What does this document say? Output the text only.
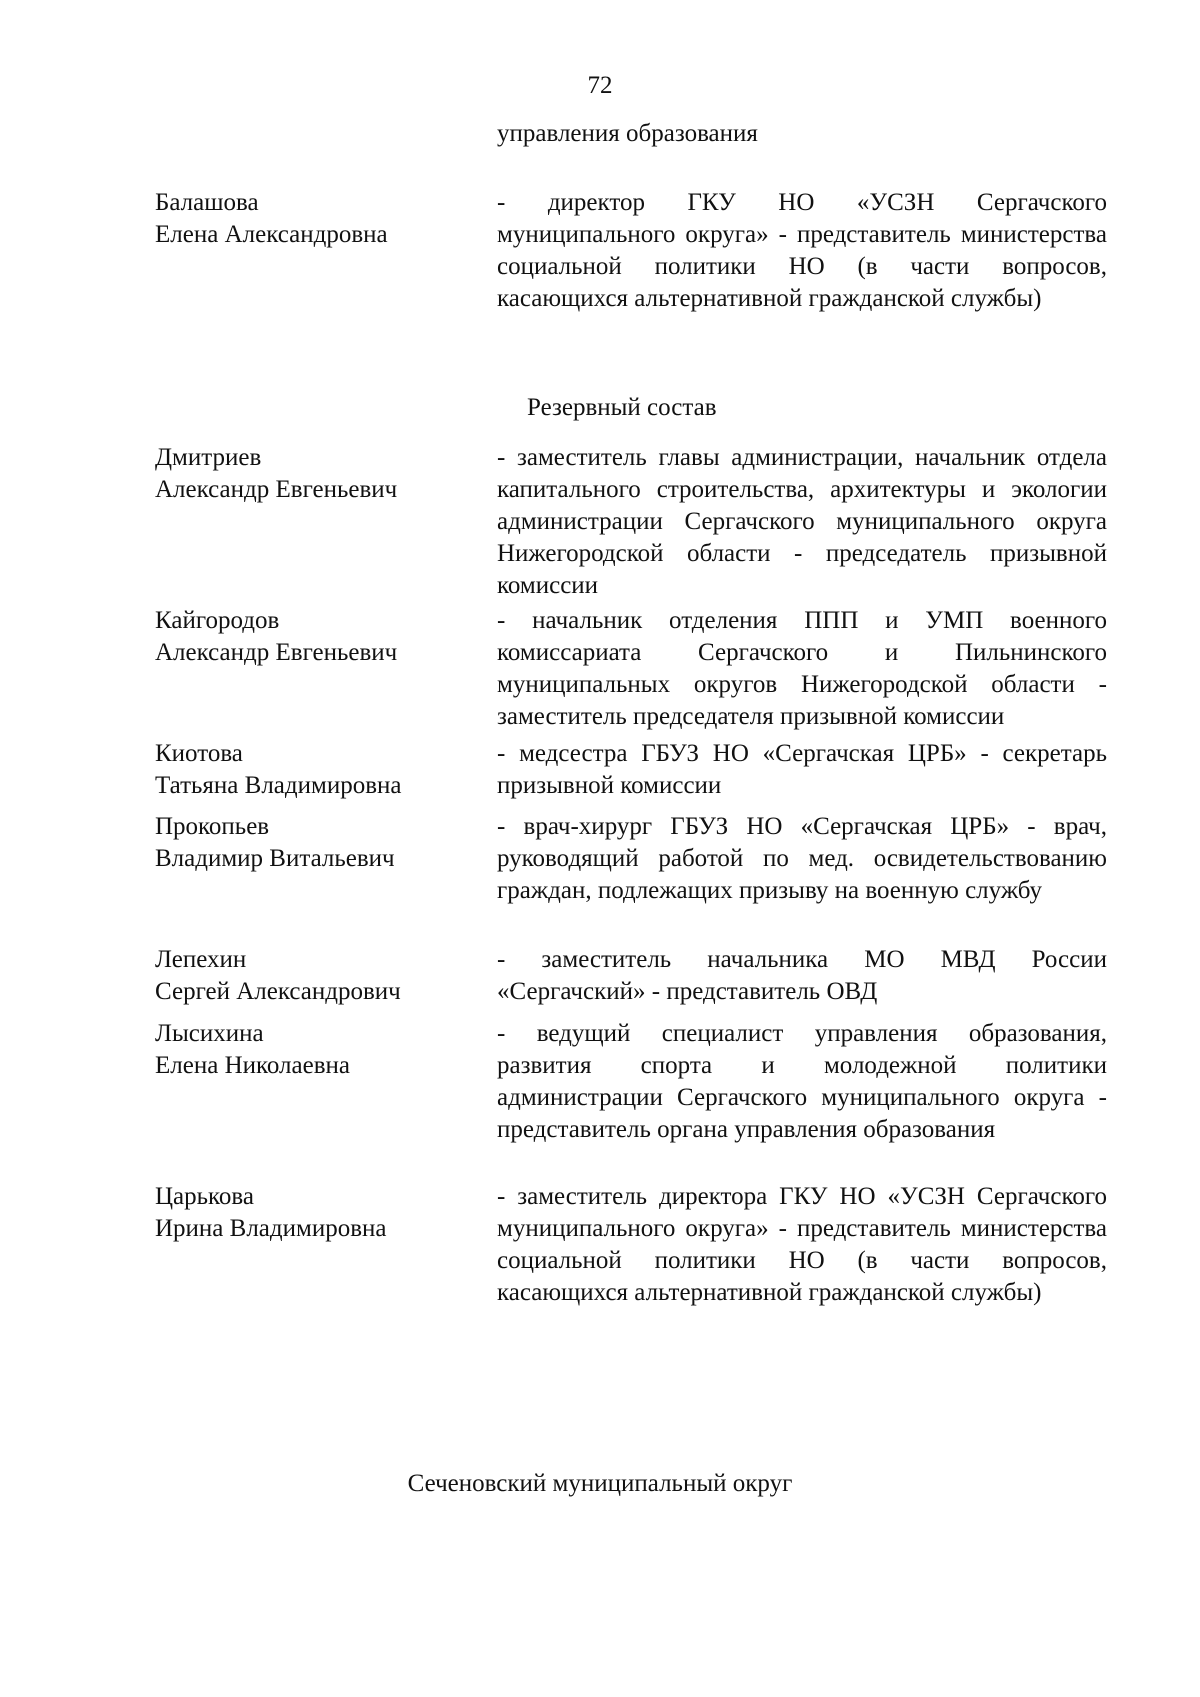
72
управления образования
Балашова
Елена Александровна
- директор ГКУ НО «УСЗН Сергачского муниципального округа» - представитель министерства социальной политики НО (в части вопросов, касающихся альтернативной гражданской службы)
Резервный состав
Дмитриев
Александр Евгеньевич
- заместитель главы администрации, начальник отдела капитального строительства, архитектуры и экологии администрации Сергачского муниципального округа Нижегородской области - председатель призывной комиссии
Кайгородов
Александр Евгеньевич
- начальник отделения ППП и УМП военного комиссариата Сергачского и Пильнинского муниципальных округов Нижегородской области - заместитель председателя призывной комиссии
Киотова
Татьяна Владимировна
- медсестра ГБУЗ НО «Сергачская ЦРБ» - секретарь призывной комиссии
Прокопьев
Владимир Витальевич
- врач-хирург ГБУЗ НО «Сергачская ЦРБ» - врач, руководящий работой по мед. освидетельствованию граждан, подлежащих призыву на военную службу
Лепехин
Сергей Александрович
- заместитель начальника МО МВД России «Сергачский» - представитель ОВД
Лысихина
Елена Николаевна
- ведущий специалист управления образования, развития спорта и молодежной политики администрации Сергачского муниципального округа - представитель органа управления образования
Царькова
Ирина Владимировна
- заместитель директора ГКУ НО «УСЗН Сергачского муниципального округа» - представитель министерства социальной политики НО (в части вопросов, касающихся альтернативной гражданской службы)
Сеченовский муниципальный округ
